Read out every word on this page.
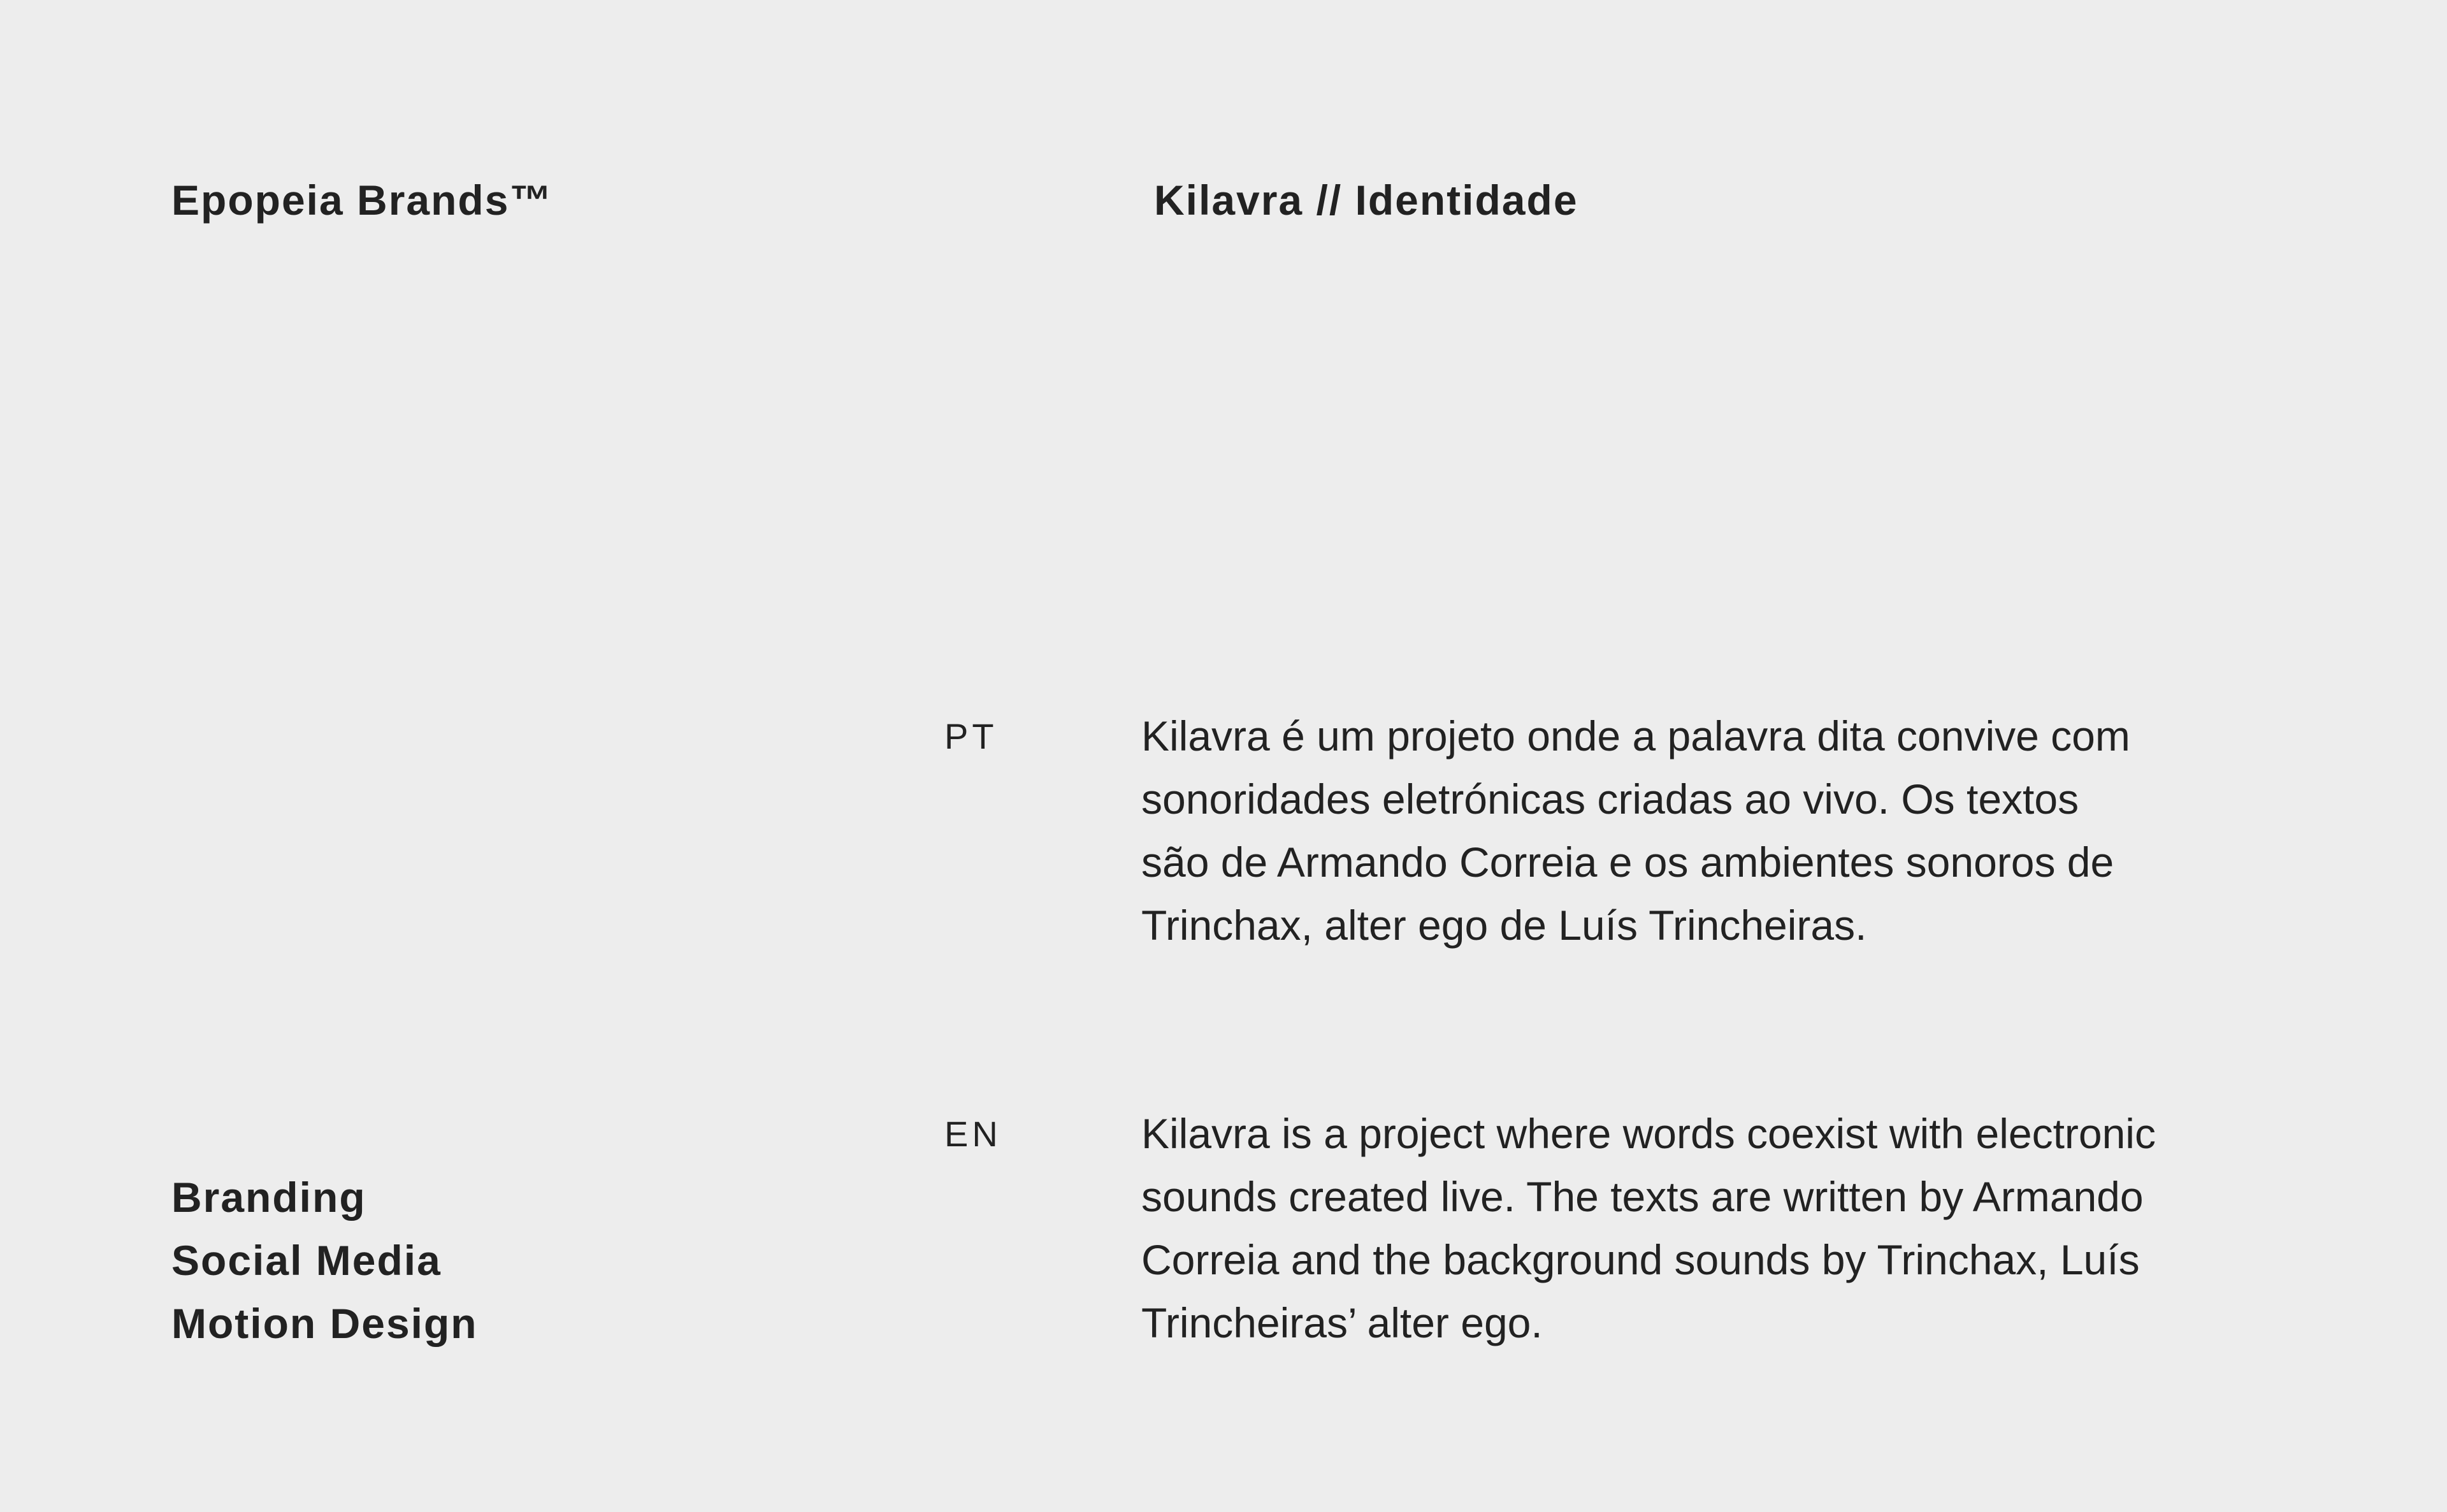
Epopeia Brands™	Kilavra // Identidade
PT	Kilavra é um projeto onde a palavra dita convive com
sonoridades eletrónicas criadas ao vivo. Os textos
são de Armando Correia e os ambientes sonoros de
Trinchax, alter ego de Luís Trincheiras.

EN	Kilavra is a project where words coexist with electronic
sounds created live. The texts are written by Armando
Correia and the background sounds by Trinchax, Luís
Trincheiras’ alter ego.

Branding
Social Media
Motion Design
